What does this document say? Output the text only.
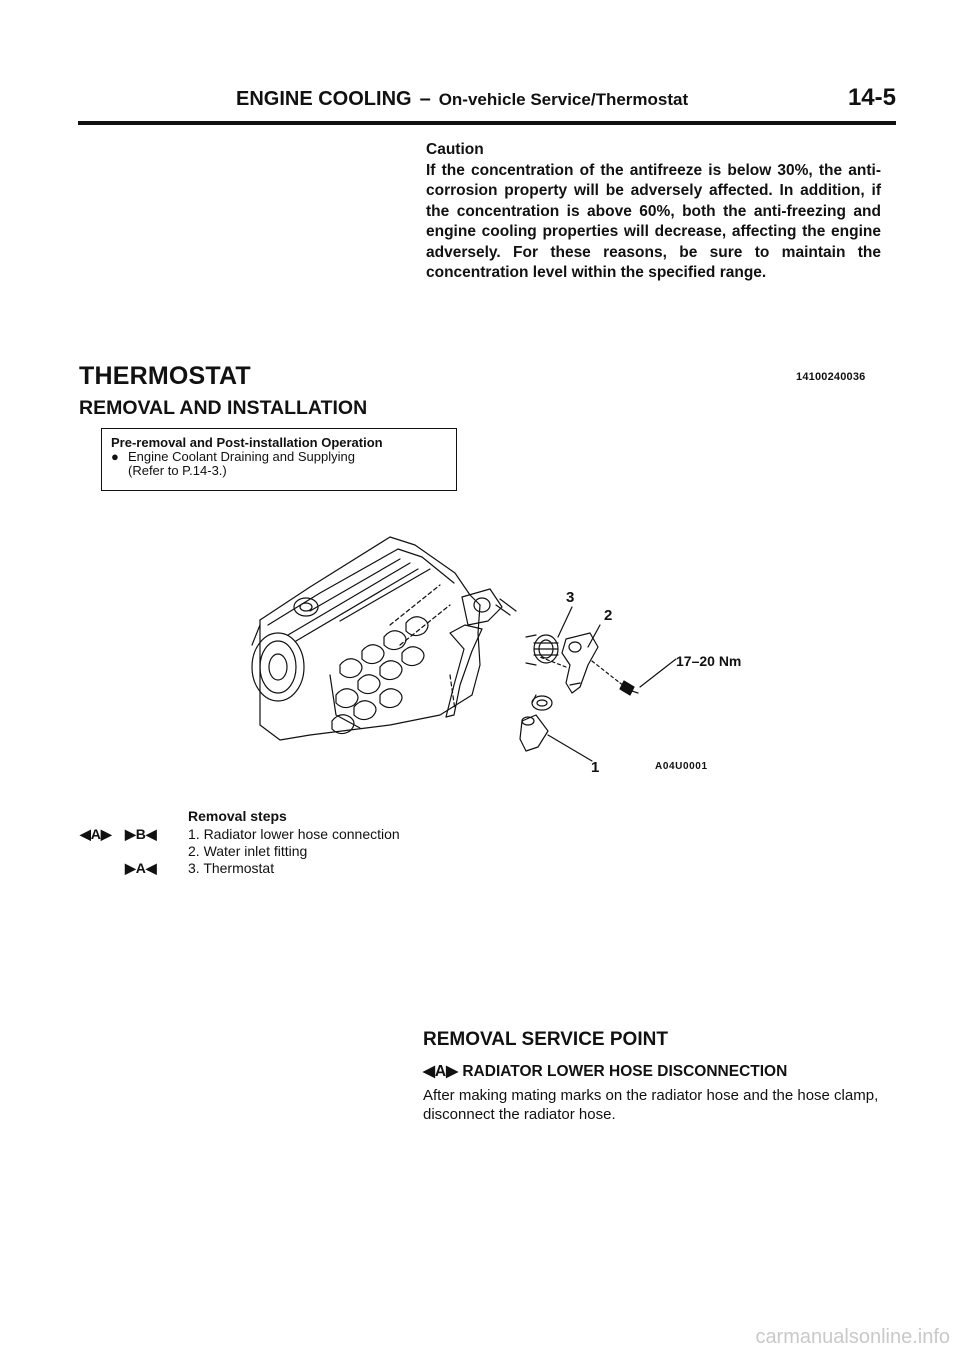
ENGINE COOLING – On-vehicle Service/Thermostat	14-5
Caution
If the concentration of the antifreeze is below 30%, the anti-corrosion property will be adversely affected. In addition, if the concentration is above 60%, both the anti-freezing and engine cooling properties will decrease, affecting the engine adversely. For these reasons, be sure to maintain the concentration level within the specified range.
THERMOSTAT	14100240036
REMOVAL AND INSTALLATION
Pre-removal and Post-installation Operation
● Engine Coolant Draining and Supplying
(Refer to P.14-3.)
3
2
1
17–20 Nm
A04U0001
Removal steps
◀A▶ ▶B◀ 1. Radiator lower hose connection
2. Water inlet fitting
▶A◀ 3. Thermostat
REMOVAL SERVICE POINT
◀A▶ RADIATOR LOWER HOSE DISCONNECTION
After making mating marks on the radiator hose and the hose clamp, disconnect the radiator hose.
carmanualsonline.info
